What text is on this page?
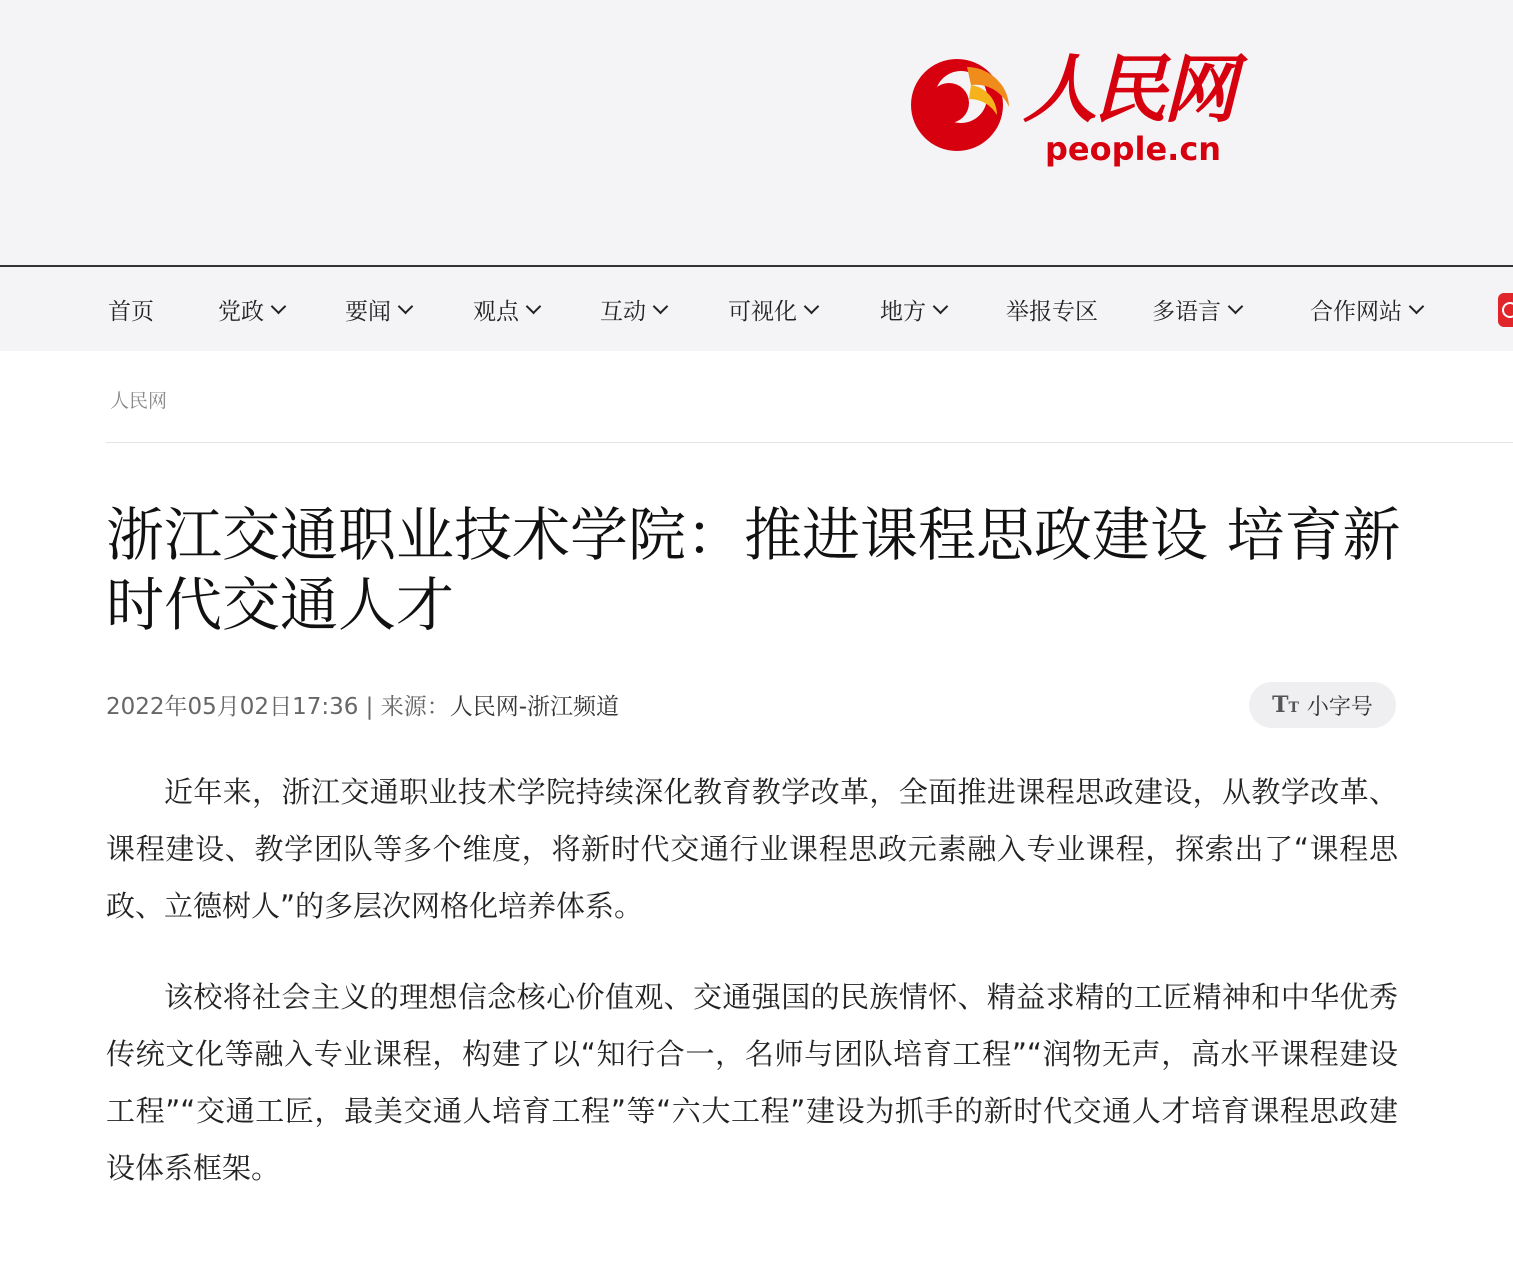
人民网
people.cn
首页	党政	要闻	观点	互动	可视化	地方	举报专区 多语言	合作网站
人民网
浙江交通职业技术学院：推进课程思政建设 培育新时代交通人才
2022年05月02日17:36 | 来源：人民网-浙江频道	TT 小字号

近年来，浙江交通职业技术学院持续深化教育教学改革，全面推进课程思政建设，从教学改革、课程建设、教学团队等多个维度，将新时代交通行业课程思政元素融入专业课程，探索出了“课程思政、立德树人”的多层次网格化培养体系。

该校将社会主义的理想信念核心价值观、交通强国的民族情怀、精益求精的工匠精神和中华优秀传统文化等融入专业课程，构建了以“知行合一，名师与团队培育工程”“润物无声，高水平课程建设工程”“交通工匠，最美交通人培育工程”等“六大工程”建设为抓手的新时代交通人才培育课程思政建设体系框架。
